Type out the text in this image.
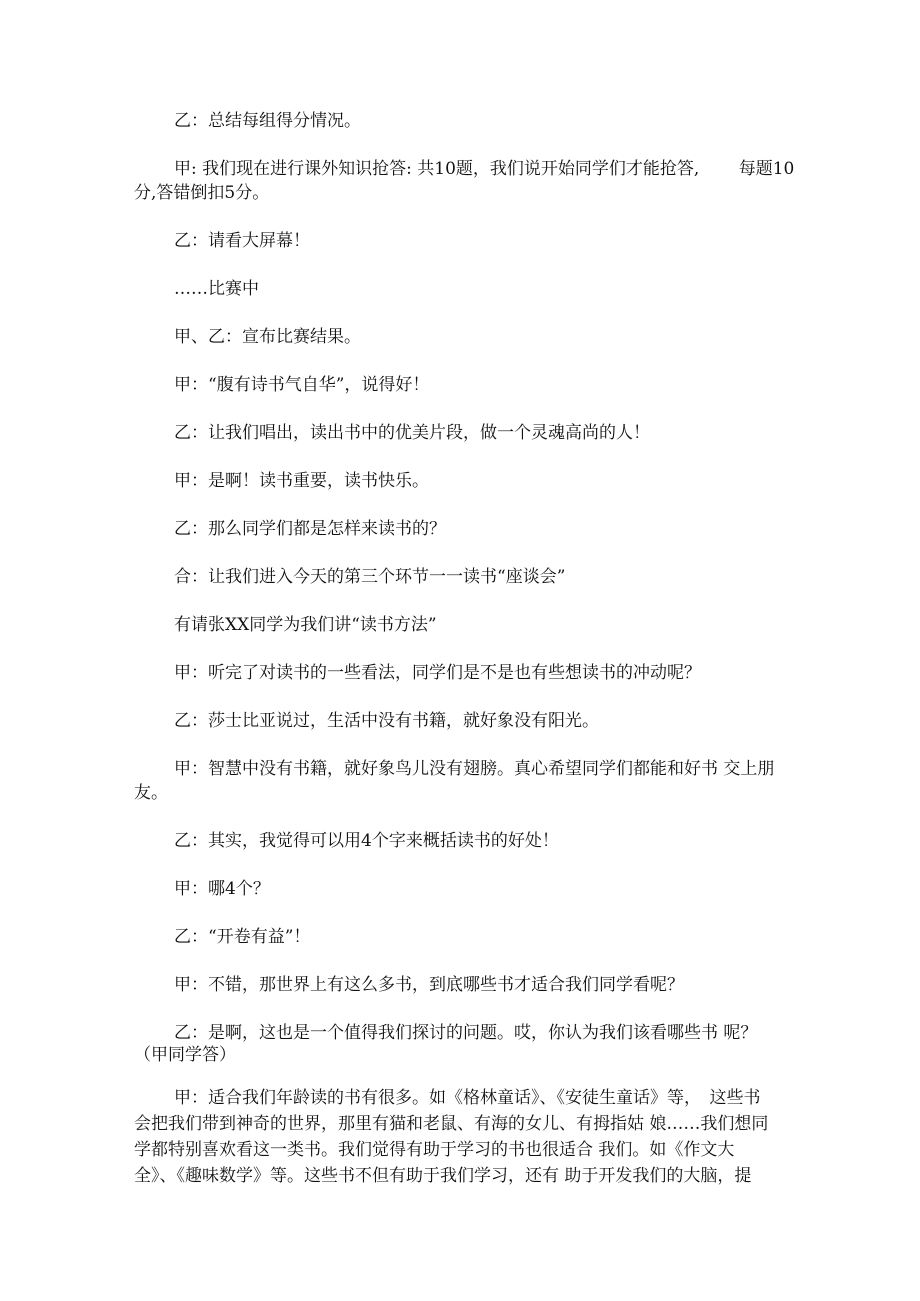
乙：总结每组得分情况。
甲: 我们现在进行课外知识抢答: 共10题，我们说开始同学们才能抢答,　　 每题10
分,答错倒扣5分。
乙：请看大屏幕！
……比赛中
甲、乙：宣布比赛结果。
甲：“腹有诗书气自华”，说得好！
乙：让我们唱出，读出书中的优美片段，做一个灵魂高尚的人！
甲：是啊！读书重要，读书快乐。
乙：那么同学们都是怎样来读书的？
合：让我们进入今天的第三个环节一一读书“座谈会”
有请张XX同学为我们讲“读书方法”
甲：听完了对读书的一些看法，同学们是不是也有些想读书的冲动呢？
乙：莎士比亚说过，生活中没有书籍，就好象没有阳光。
甲：智慧中没有书籍，就好象鸟儿没有翅膀。真心希望同学们都能和好书 交上朋
友。
乙：其实，我觉得可以用4个字来概括读书的好处！
甲：哪4个？
乙：“开卷有益”！
甲：不错，那世界上有这么多书，到底哪些书才适合我们同学看呢？
乙：是啊，这也是一个值得我们探讨的问题。哎，你认为我们该看哪些书 呢？
（甲同学答）
甲：适合我们年龄读的书有很多。如《格林童话》、《安徒生童话》等，　这些书
会把我们带到神奇的世界，那里有猫和老鼠、有海的女儿、有拇指姑 娘……我们想同
学都特别喜欢看这一类书。我们觉得有助于学习的书也很适合 我们。如《作文大
全》、《趣味数学》等。这些书不但有助于我们学习，还有 助于开发我们的大脑，提
